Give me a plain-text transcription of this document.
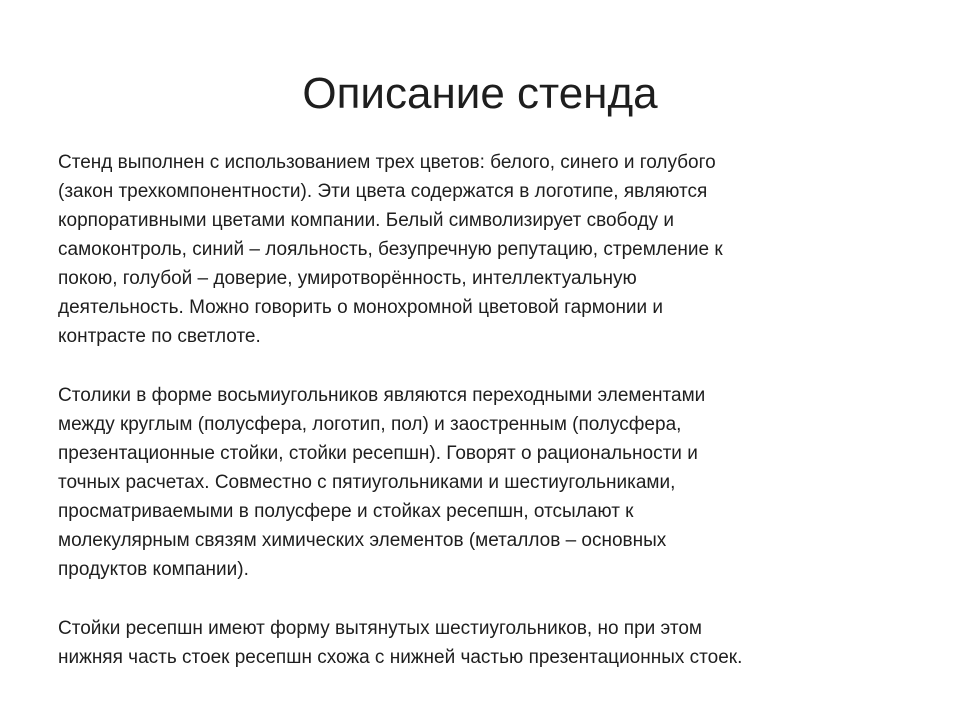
Описание стенда

Стенд выполнен с использованием трех цветов: белого, синего и голубого
(закон трехкомпонентности). Эти цвета содержатся в логотипе, являются
корпоративными цветами компании. Белый символизирует свободу и
самоконтроль, синий – лояльность, безупречную репутацию, стремление к
покою, голубой – доверие, умиротворённость, интеллектуальную
деятельность. Можно говорить о монохромной цветовой гармонии и
контрасте по светлоте.

Столики в форме восьмиугольников являются переходными элементами
между круглым (полусфера, логотип, пол) и заостренным (полусфера,
презентационные стойки, стойки ресепшн). Говорят о рациональности и
точных расчетах. Совместно с пятиугольниками и шестиугольниками,
просматриваемыми в полусфере и стойках ресепшн, отсылают к
молекулярным связям химических элементов (металлов – основных
продуктов компании).

Стойки ресепшн имеют форму вытянутых шестиугольников, но при этом
нижняя часть стоек ресепшн схожа с нижней частью презентационных стоек.
